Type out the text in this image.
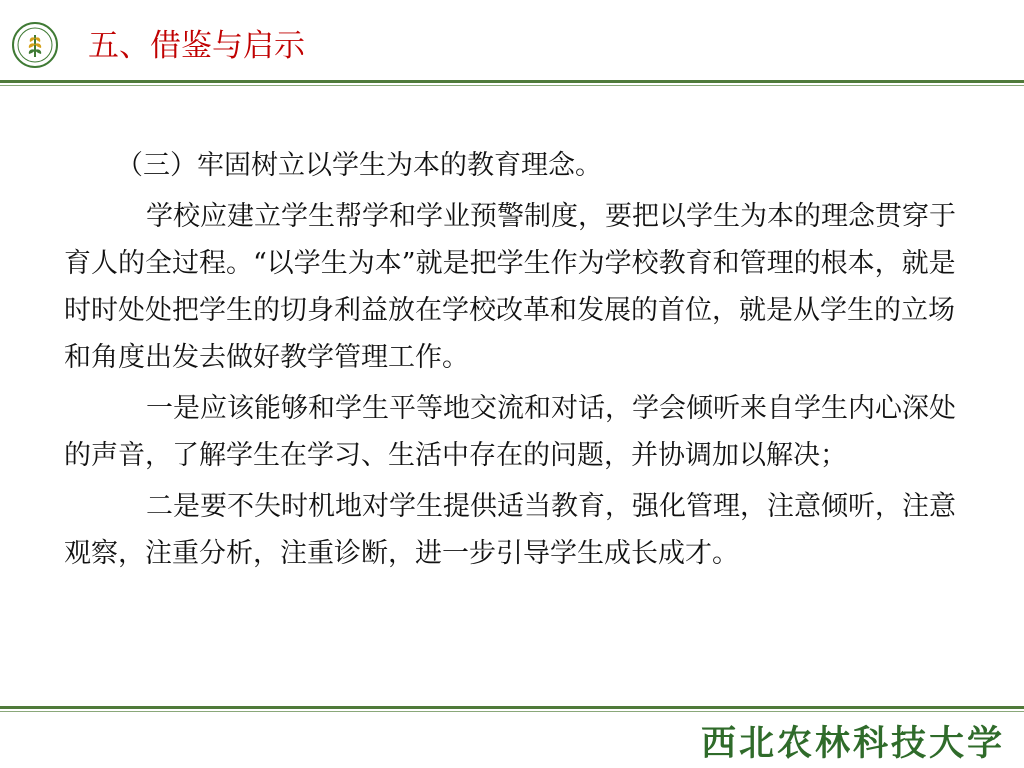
五、借鉴与启示

（三）牢固树立以学生为本的教育理念。

学校应建立学生帮学和学业预警制度，要把以学生为本的理念贯穿于育人的全过程。“以学生为本”就是把学生作为学校教育和管理的根本，就是时时处处把学生的切身利益放在学校改革和发展的首位，就是从学生的立场和角度出发去做好教学管理工作。

一是应该能够和学生平等地交流和对话，学会倾听来自学生内心深处的声音，了解学生在学习、生活中存在的问题，并协调加以解决；

二是要不失时机地对学生提供适当教育，强化管理，注意倾听，注意观察，注重分析，注重诊断，进一步引导学生成长成才。

西北农林科技大学
